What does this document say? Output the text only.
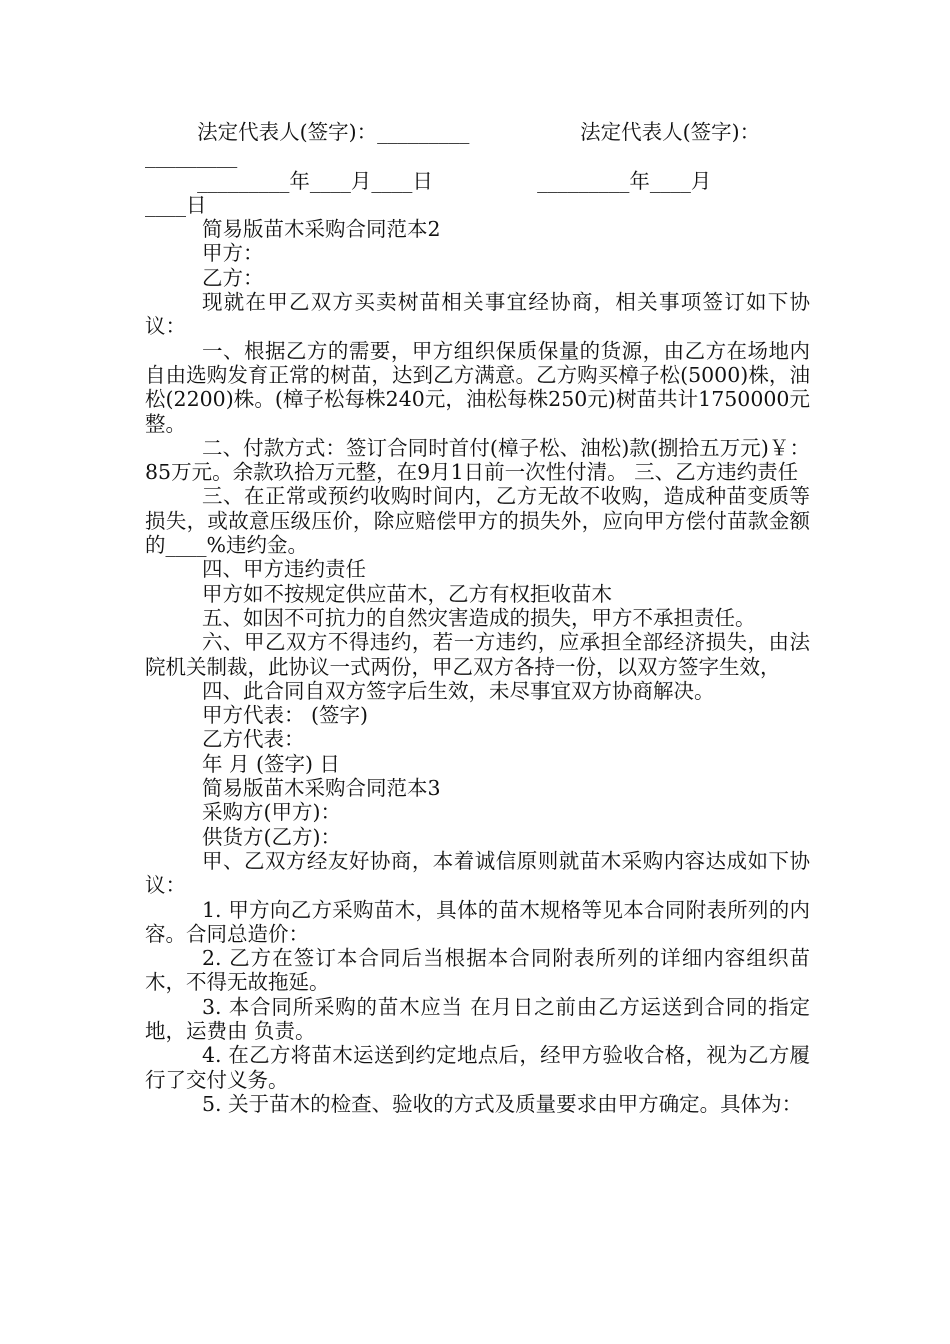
法定代表人(签字)：_________                 法定代表人(签字)：
_________
_________年____月____日                _________年____月
____日
简易版苗木采购合同范本2
甲方：
乙方：

现就在甲乙双方买卖树苗相关事宜经协商，相关事项签订如下协议：

一、根据乙方的需要，甲方组织保质保量的货源，由乙方在场地内自由选购发育正常的树苗，达到乙方满意。乙方购买樟子松(5000)株，油松(2200)株。(樟子松每株240元，油松每株250元)树苗共计1750000元整。

二、付款方式：签订合同时首付(樟子松、油松)款(捌拾五万元)￥：85万元。余款玖拾万元整，在9月1日前一次性付清。 三、乙方违约责任

三、在正常或预约收购时间内，乙方无故不收购，造成种苗变质等损失，或故意压级压价，除应赔偿甲方的损失外，应向甲方偿付苗款金额的____%违约金。

四、甲方违约责任
甲方如不按规定供应苗木，乙方有权拒收苗木
五、如因不可抗力的自然灾害造成的损失，甲方不承担责任。

六、甲乙双方不得违约，若一方违约，应承担全部经济损失，由法院机关制裁，此协议一式两份，甲乙双方各持一份，以双方签字生效，

四、此合同自双方签字后生效，未尽事宜双方协商解决。
甲方代表： (签字)
乙方代表：
年 月 (签字) 日
简易版苗木采购合同范本3
采购方(甲方)：
供货方(乙方)：

甲、乙双方经友好协商，本着诚信原则就苗木采购内容达成如下协议：

1. 甲方向乙方采购苗木，具体的苗木规格等见本合同附表所列的内容。合同总造价：

2. 乙方在签订本合同后当根据本合同附表所列的详细内容组织苗木，不得无故拖延。

3. 本合同所采购的苗木应当 在月日之前由乙方运送到合同的指定地，运费由 负责。

4. 在乙方将苗木运送到约定地点后，经甲方验收合格，视为乙方履行了交付义务。

5. 关于苗木的检查、验收的方式及质量要求由甲方确定。具体为：
